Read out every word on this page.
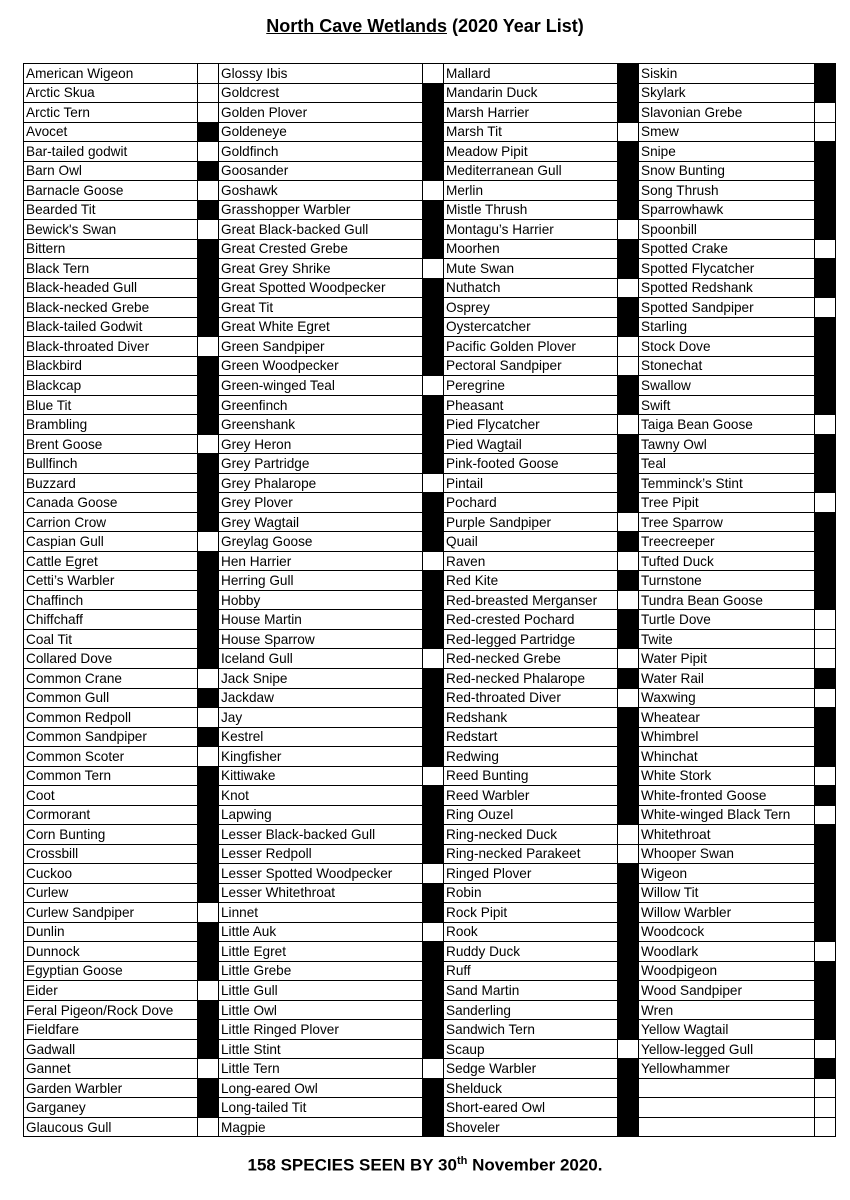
North Cave Wetlands (2020 Year List)
American Wigeon		Glossy Ibis		Mallard		Siskin	
Arctic Skua		Goldcrest		Mandarin Duck		Skylark	
Arctic Tern		Golden Plover		Marsh Harrier		Slavonian Grebe	
Avocet		Goldeneye		Marsh Tit		Smew	
Bar-tailed godwit		Goldfinch		Meadow Pipit		Snipe	
Barn Owl		Goosander		Mediterranean Gull		Snow Bunting	
Barnacle Goose		Goshawk		Merlin		Song Thrush	
Bearded Tit		Grasshopper Warbler		Mistle Thrush		Sparrowhawk	
Bewick's Swan		Great Black-backed Gull		Montagu’s Harrier		Spoonbill	
Bittern		Great Crested Grebe		Moorhen		Spotted Crake	
Black Tern		Great Grey Shrike		Mute Swan		Spotted Flycatcher	
Black-headed Gull		Great Spotted Woodpecker		Nuthatch		Spotted Redshank	
Black-necked Grebe		Great Tit		Osprey		Spotted Sandpiper	
Black-tailed Godwit		Great White Egret		Oystercatcher		Starling	
Black-throated Diver		Green Sandpiper		Pacific Golden Plover		Stock Dove	
Blackbird		Green Woodpecker		Pectoral Sandpiper		Stonechat	
Blackcap		Green-winged Teal		Peregrine		Swallow	
Blue Tit		Greenfinch		Pheasant		Swift	
Brambling		Greenshank		Pied Flycatcher		Taiga Bean Goose	
Brent Goose		Grey Heron		Pied Wagtail		Tawny Owl	
Bullfinch		Grey Partridge		Pink-footed Goose		Teal	
Buzzard		Grey Phalarope		Pintail		Temminck’s Stint	
Canada Goose		Grey Plover		Pochard		Tree Pipit	
Carrion Crow		Grey Wagtail		Purple Sandpiper		Tree Sparrow	
Caspian Gull		Greylag Goose		Quail		Treecreeper	
Cattle Egret		Hen Harrier		Raven		Tufted Duck	
Cetti’s Warbler		Herring Gull		Red Kite		Turnstone	
Chaffinch		Hobby		Red-breasted Merganser		Tundra Bean Goose	
Chiffchaff		House Martin		Red-crested Pochard		Turtle Dove	
Coal Tit		House Sparrow		Red-legged Partridge		Twite	
Collared Dove		Iceland Gull		Red-necked Grebe		Water Pipit	
Common Crane		Jack Snipe		Red-necked Phalarope		Water Rail	
Common Gull		Jackdaw		Red-throated Diver		Waxwing	
Common Redpoll		Jay		Redshank		Wheatear	
Common Sandpiper		Kestrel		Redstart		Whimbrel	
Common Scoter		Kingfisher		Redwing		Whinchat	
Common Tern		Kittiwake		Reed Bunting		White Stork	
Coot		Knot		Reed Warbler		White-fronted Goose	
Cormorant		Lapwing		Ring Ouzel		White-winged Black Tern	
Corn Bunting		Lesser Black-backed Gull		Ring-necked Duck		Whitethroat	
Crossbill		Lesser Redpoll		Ring-necked Parakeet		Whooper Swan	
Cuckoo		Lesser Spotted Woodpecker		Ringed Plover		Wigeon	
Curlew		Lesser Whitethroat		Robin		Willow Tit	
Curlew Sandpiper		Linnet		Rock Pipit		Willow Warbler	
Dunlin		Little Auk		Rook		Woodcock	
Dunnock		Little Egret		Ruddy Duck		Woodlark	
Egyptian Goose		Little Grebe		Ruff		Woodpigeon	
Eider		Little Gull		Sand Martin		Wood Sandpiper	
Feral Pigeon/Rock Dove		Little Owl		Sanderling		Wren	
Fieldfare		Little Ringed Plover		Sandwich Tern		Yellow Wagtail	
Gadwall		Little Stint		Scaup		Yellow-legged Gull	
Gannet		Little Tern		Sedge Warbler		Yellowhammer	
Garden Warbler		Long-eared Owl		Shelduck			
Garganey		Long-tailed Tit		Short-eared Owl			
Glaucous Gull		Magpie		Shoveler			
158 SPECIES SEEN BY 30th November 2020.
